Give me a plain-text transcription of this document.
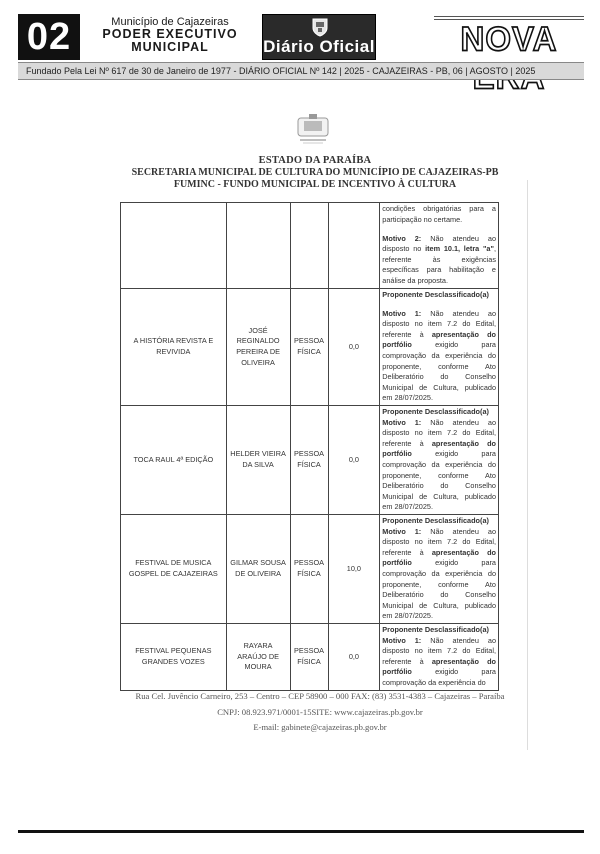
02	Município de Cajazeiras
PODER EXECUTIVO
MUNICIPAL	Diário Oficial	NOVA
Fundado Pela Lei Nº 617 de 30 de Janeiro de 1977 - DIÁRIO OFICIAL Nº 142 | 2025 - CAJAZEIRAS - PB, 06 | AGOSTO | 2025
ESTADO DA PARAÍBA
SECRETARIA MUNICIPAL DE CULTURA DO MUNICÍPIO DE CAJAZEIRAS-PB
FUMINC - FUNDO MUNICIPAL DE INCENTIVO À CULTURA

				condições obrigatórias para a participação no certame.

Motivo 2: Não atendeu ao disposto no item 10.1, letra "a", referente às exigências específicas para habilitação e análise da proposta.

A HISTÓRIA REVISTA E REVIVIDA	JOSÉ REGINALDO PEREIRA DE OLIVEIRA	PESSOA FÍSICA	0,0	Proponente Desclassificado(a)

Motivo 1: Não atendeu ao disposto no item 7.2 do Edital, referente à apresentação do portfólio exigido para comprovação da experiência do proponente, conforme Ato Deliberatório do Conselho Municipal de Cultura, publicado em 28/07/2025.

TOCA RAUL 4ª EDIÇÃO	HELDER VIEIRA DA SILVA	PESSOA FÍSICA	0,0	Proponente Desclassificado(a)

Motivo 1: Não atendeu ao disposto no item 7.2 do Edital, referente à apresentação do portfólio exigido para comprovação da experiência do proponente, conforme Ato Deliberatório do Conselho Municipal de Cultura, publicado em 28/07/2025.

FESTIVAL DE MUSICA GOSPEL DE CAJAZEIRAS	GILMAR SOUSA DE OLIVEIRA	PESSOA FÍSICA	10,0	Proponente Desclassificado(a)

Motivo 1: Não atendeu ao disposto no item 7.2 do Edital, referente à apresentação do portfólio exigido para comprovação da experiência do proponente, conforme Ato Deliberatório do Conselho Municipal de Cultura, publicado em 28/07/2025.

FESTIVAL PEQUENAS GRANDES VOZES	RAYARA ARAÚJO DE MOURA	PESSOA FÍSICA	0,0	Proponente Desclassificado(a)

Motivo 1: Não atendeu ao disposto no item 7.2 do Edital, referente à apresentação do portfólio exigido para comprovação da experiência do

Rua Cel. Juvêncio Carneiro, 253 – Centro – CEP 58900 – 000 FAX: (83) 3531-4383 – Cajazeiras – Paraíba
CNPJ: 08.923.971/0001-15SITE: www.cajazeiras.pb.gov.br
E-mail: gabinete@cajazeiras.pb.gov.br
